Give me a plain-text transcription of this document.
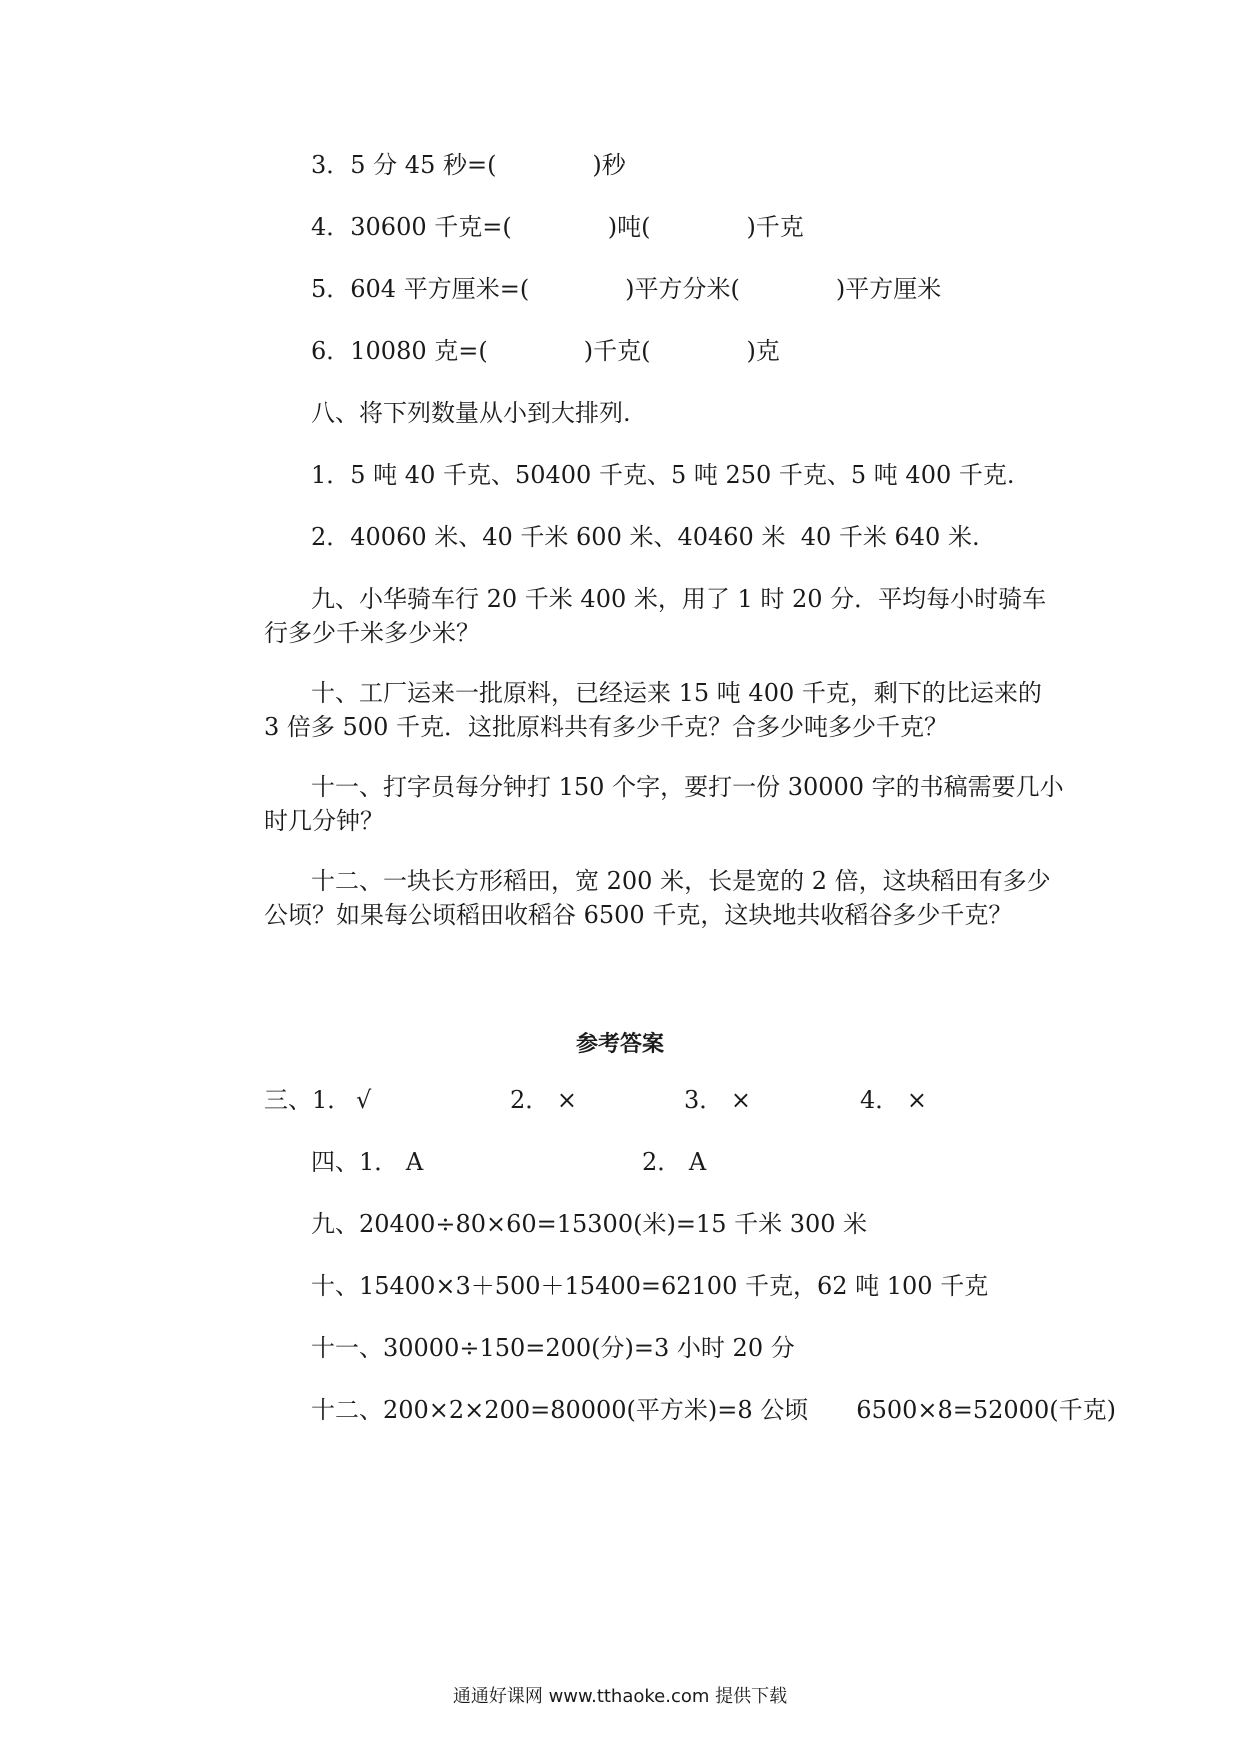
3．5 分 45 秒=(　　　　)秒
4．30600 千克=(　　　　)吨(　　　　)千克
5．604 平方厘米=(　　　　)平方分米(　　　　)平方厘米
6．10080 克=(　　　　)千克(　　　　)克
八、将下列数量从小到大排列.
1．5 吨 40 千克、50400 千克、5 吨 250 千克、5 吨 400 千克.
2．40060 米、40 千米 600 米、40460 米  40 千米 640 米.
九、小华骑车行 20 千米 400 米，用了 1 时 20 分．平均每小时骑车行多少千米多少米？
十、工厂运来一批原料，已经运来 15 吨 400 千克，剩下的比运来的 3 倍多 500 千克．这批原料共有多少千克？合多少吨多少千克？
十一、打字员每分钟打 150 个字，要打一份 30000 字的书稿需要几小时几分钟？
十二、一块长方形稻田，宽 200 米，长是宽的 2 倍，这块稻田有多少公顷？如果每公顷稻田收稻谷 6500 千克，这块地共收稻谷多少千克？
参考答案
三、1． √	2． ×	3． ×	4． ×
四、1． A	2． A
九、20400÷80×60=15300(米)=15 千米 300 米
十、15400×3＋500＋15400=62100 千克，62 吨 100 千克
十一、30000÷150=200(分)=3 小时 20 分
十二、200×2×200=80000(平方米)=8 公顷　　6500×8=52000(千克)
通通好课网 www.tthaoke.com 提供下载
